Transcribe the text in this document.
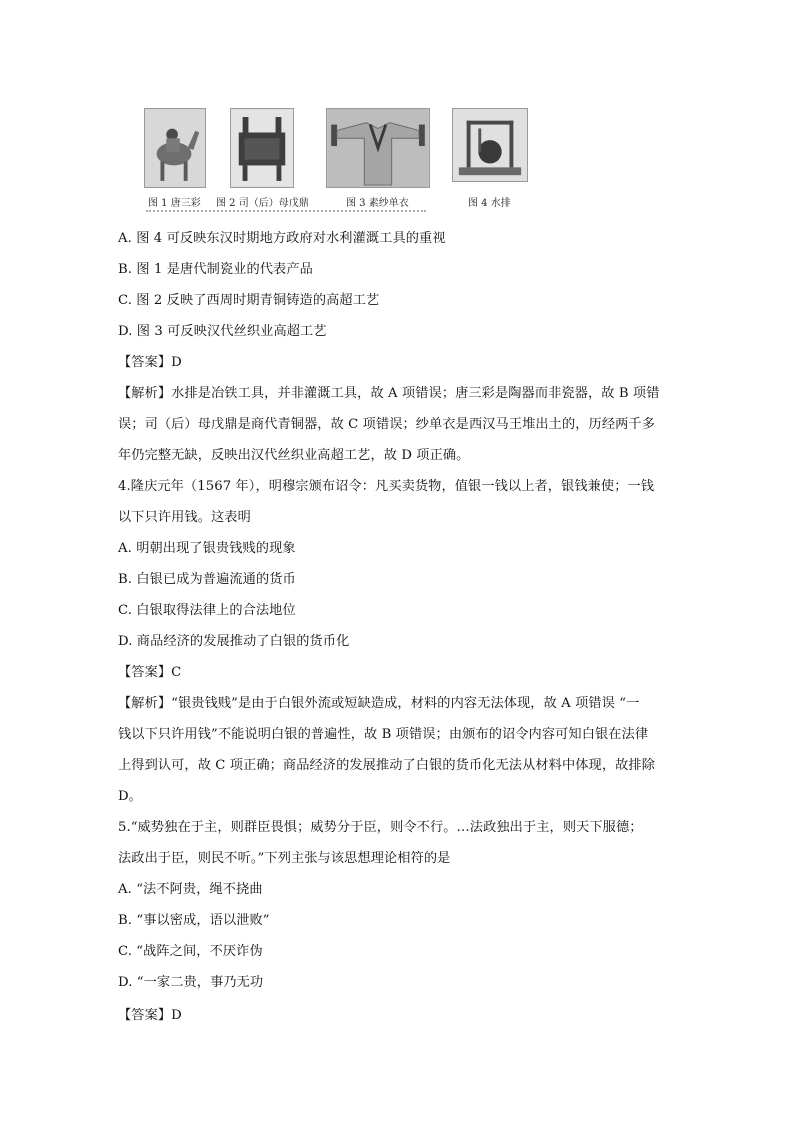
图 1 唐三彩 图 2 司（后）母戊鼎	图 3 素纱单衣	图 4 水排
A. 图 4 可反映东汉时期地方政府对水利灌溉工具的重视
B. 图 1 是唐代制瓷业的代表产品
C. 图 2 反映了西周时期青铜铸造的高超工艺
D. 图 3 可反映汉代丝织业高超工艺
【答案】D
【解析】水排是冶铁工具，并非灌溉工具，故 A 项错误；唐三彩是陶器而非瓷器，故 B 项错
误；司（后）母戊鼎是商代青铜器，故 C 项错误；纱单衣是西汉马王堆出土的，历经两千多
年仍完整无缺，反映出汉代丝织业高超工艺，故 D 项正确。
4.隆庆元年（1567 年），明穆宗颁布诏令：凡买卖货物，值银一钱以上者，银钱兼使；一钱
以下只许用钱。这表明
A. 明朝出现了银贵钱贱的现象
B. 白银已成为普遍流通的货币
C. 白银取得法律上的合法地位
D. 商品经济的发展推动了白银的货币化
【答案】C
【解析】“银贵钱贱”是由于白银外流或短缺造成，材料的内容无法体现，故 A 项错误 “一
钱以下只许用钱”不能说明白银的普遍性，故 B 项错误；由颁布的诏令内容可知白银在法律
上得到认可，故 C 项正确；商品经济的发展推动了白银的货币化无法从材料中体现，故排除
D。
5.“威势独在于主，则群臣畏惧；威势分于臣，则令不行。…法政独出于主，则天下服德；
法政出于臣，则民不听。”下列主张与该思想理论相符的是
A. “法不阿贵，绳不挠曲
B. “事以密成，语以泄败”
C. “战阵之间，不厌诈伪
D. “一家二贵，事乃无功
【答案】D
